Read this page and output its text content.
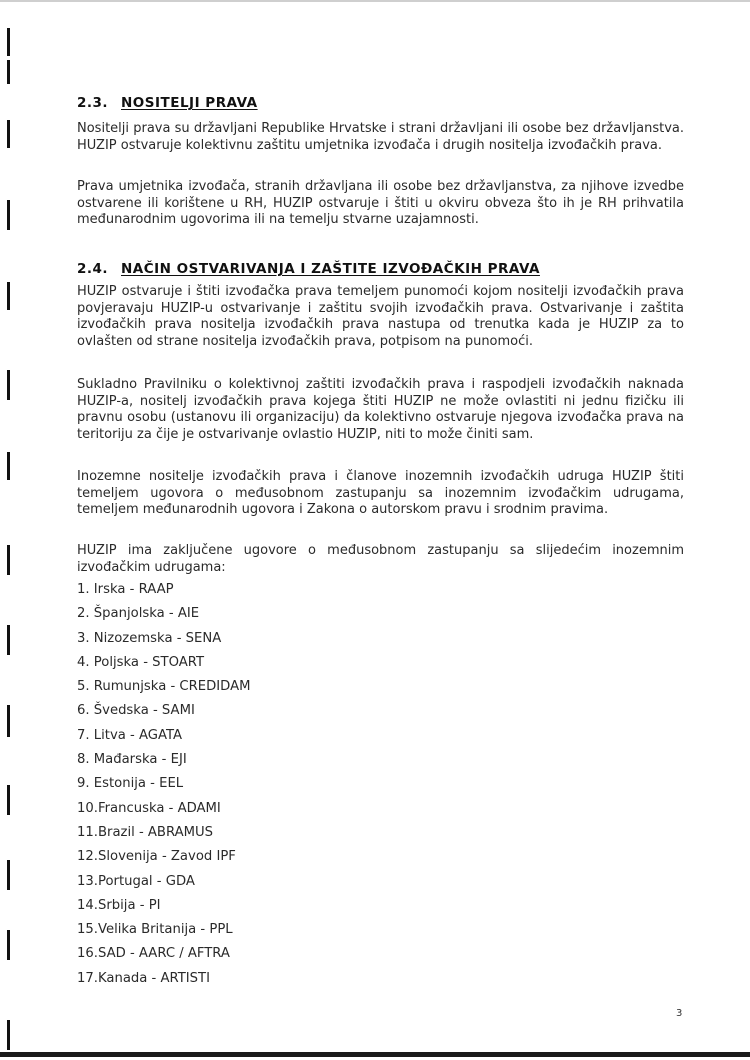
2.3. NOSITELJI PRAVA

Nositelji prava su državljani Republike Hrvatske i strani državljani ili osobe bez državljanstva. HUZIP ostvaruje kolektivnu zaštitu umjetnika izvođača i drugih nositelja izvođačkih prava.

Prava umjetnika izvođača, stranih državljana ili osobe bez državljanstva, za njihove izvedbe ostvarene ili korištene u RH, HUZIP ostvaruje i štiti u okviru obveza što ih je RH prihvatila međunarodnim ugovorima ili na temelju stvarne uzajamnosti.

2.4. NAČIN OSTVARIVANJA I ZAŠTITE IZVOĐAČKIH PRAVA

HUZIP ostvaruje i štiti izvođačka prava temeljem punomoći kojom nositelji izvođačkih prava povjeravaju HUZIP-u ostvarivanje i zaštitu svojih izvođačkih prava. Ostvarivanje i zaštita izvođačkih prava nositelja izvođačkih prava nastupa od trenutka kada je HUZIP za to ovlašten od strane nositelja izvođačkih prava, potpisom na punomoći.

Sukladno Pravilniku o kolektivnoj zaštiti izvođačkih prava i raspodjeli izvođačkih naknada HUZIP-a, nositelj izvođačkih prava kojega štiti HUZIP ne može ovlastiti ni jednu fizičku ili pravnu osobu (ustanovu ili organizaciju) da kolektivno ostvaruje njegova izvođačka prava na teritoriju za čije je ostvarivanje ovlastio HUZIP, niti to može činiti sam.

Inozemne nositelje izvođačkih prava i članove inozemnih izvođačkih udruga HUZIP štiti temeljem ugovora o međusobnom zastupanju sa inozemnim izvođačkim udrugama, temeljem međunarodnih ugovora i Zakona o autorskom pravu i srodnim pravima.

HUZIP ima zaključene ugovore o međusobnom zastupanju sa slijedećim inozemnim izvođačkim udrugama:

1. Irska - RAAP
2. Španjolska - AIE
3. Nizozemska - SENA
4. Poljska - STOART
5. Rumunjska - CREDIDAM
6. Švedska - SAMI
7. Litva - AGATA
8. Mađarska - EJI
9. Estonija - EEL
10.Francuska - ADAMI
11.Brazil - ABRAMUS
12.Slovenija - Zavod IPF
13.Portugal - GDA
14.Srbija - PI
15.Velika Britanija - PPL
16.SAD - AARC / AFTRA
17.Kanada - ARTISTI
3
